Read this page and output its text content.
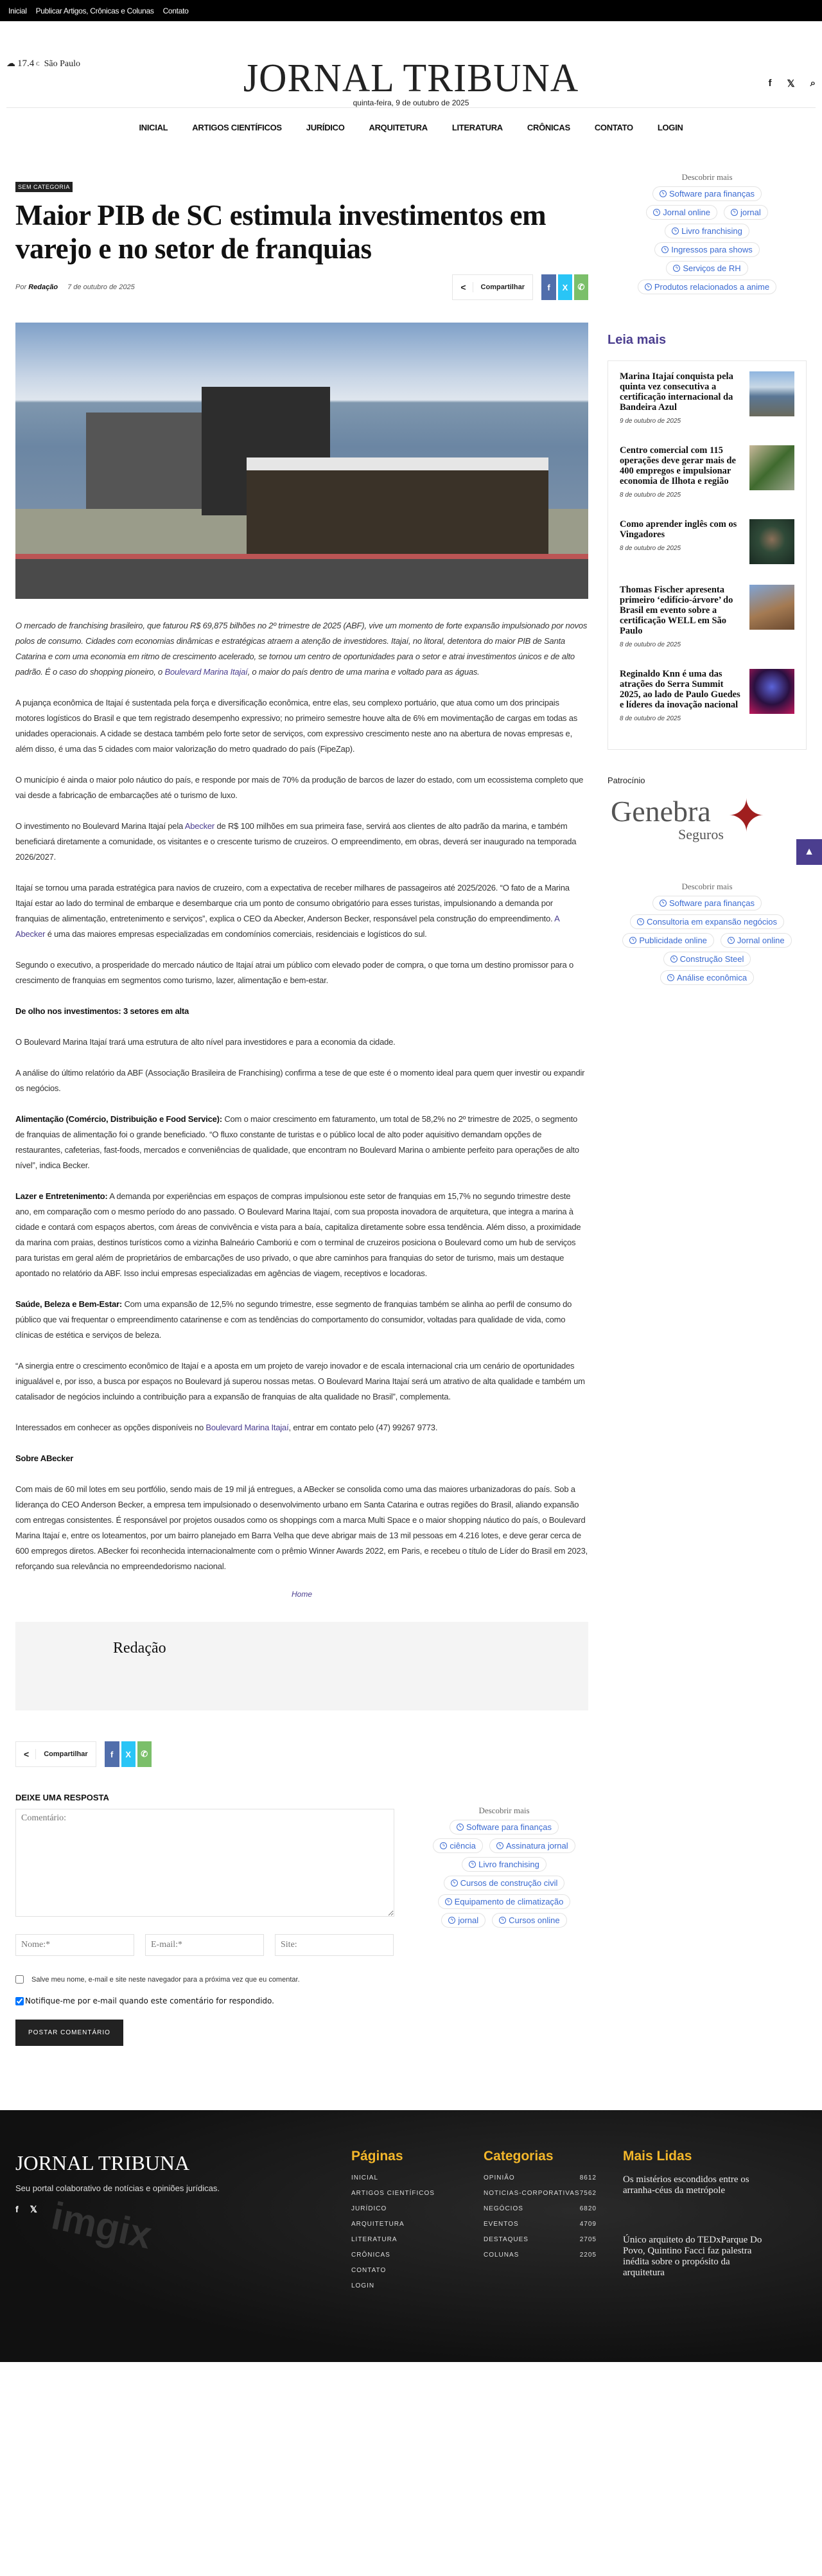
Inicial Publicar Artigos, Crônicas e Colunas Contato
☁ 17.4 C São Paulo	JORNAL TRIBUNA
quinta-feira, 9 de outubro de 2025
f 𝕏 ⌕
INICIAL	ARTIGOS CIENTÍFICOS	JURÍDICO	ARQUITETURA	LITERATURA	CRÔNICAS	CONTATO	LOGIN
SEM CATEGORIA
Maior PIB de SC estimula investimentos em varejo e no setor de franquias
Por Redação 7 de outubro de 2025	<	Compartilhar	f X ✆

O mercado de franchising brasileiro, que faturou R$ 69,875 bilhões no 2º trimestre de 2025 (ABF), vive um momento de forte expansão impulsionado por novos polos de consumo. Cidades com economias dinâmicas e estratégicas atraem a atenção de investidores. Itajaí, no litoral, detentora do maior PIB de Santa Catarina e com uma economia em ritmo de crescimento acelerado, se tornou um centro de oportunidades para o setor e atrai investimentos únicos e de alto padrão. É o caso do shopping pioneiro, o Boulevard Marina Itajaí, o maior do país dentro de uma marina e voltado para as águas.

A pujança econômica de Itajaí é sustentada pela força e diversificação econômica, entre elas, seu complexo portuário, que atua como um dos principais motores logísticos do Brasil e que tem registrado desempenho expressivo; no primeiro semestre houve alta de 6% em movimentação de cargas em todas as unidades operacionais. A cidade se destaca também pelo forte setor de serviços, com expressivo crescimento neste ano na abertura de novas empresas e, além disso, é uma das 5 cidades com maior valorização do metro quadrado do país (FipeZap).

O município é ainda o maior polo náutico do país, e responde por mais de 70% da produção de barcos de lazer do estado, com um ecossistema completo que vai desde a fabricação de embarcações até o turismo de luxo.

O investimento no Boulevard Marina Itajaí pela Abecker de R$ 100 milhões em sua primeira fase, servirá aos clientes de alto padrão da marina, e também beneficiará diretamente a comunidade, os visitantes e o crescente turismo de cruzeiros. O empreendimento, em obras, deverá ser inaugurado na temporada 2026/2027.

Itajaí se tornou uma parada estratégica para navios de cruzeiro, com a expectativa de receber milhares de passageiros até 2025/2026. “O fato de a Marina Itajaí estar ao lado do terminal de embarque e desembarque cria um ponto de consumo obrigatório para esses turistas, impulsionando a demanda por franquias de alimentação, entretenimento e serviços”, explica o CEO da Abecker, Anderson Becker, responsável pela construção do empreendimento. A Abecker é uma das maiores empresas especializadas em condomínios comerciais, residenciais e logísticos do sul.

Segundo o executivo, a prosperidade do mercado náutico de Itajaí atrai um público com elevado poder de compra, o que torna um destino promissor para o crescimento de franquias em segmentos como turismo, lazer, alimentação e bem-estar.

De olho nos investimentos: 3 setores em alta

O Boulevard Marina Itajaí trará uma estrutura de alto nível para investidores e para a economia da cidade.

A análise do último relatório da ABF (Associação Brasileira de Franchising) confirma a tese de que este é o momento ideal para quem quer investir ou expandir os negócios.

Alimentação (Comércio, Distribuição e Food Service): Com o maior crescimento em faturamento, um total de 58,2% no 2º trimestre de 2025, o segmento de franquias de alimentação foi o grande beneficiado. “O fluxo constante de turistas e o público local de alto poder aquisitivo demandam opções de restaurantes, cafeterias, fast-foods, mercados e conveniências de qualidade, que encontram no Boulevard Marina o ambiente perfeito para operações de alto nível”, indica Becker.

Lazer e Entretenimento: A demanda por experiências em espaços de compras impulsionou este setor de franquias em 15,7% no segundo trimestre deste ano, em comparação com o mesmo período do ano passado. O Boulevard Marina Itajaí, com sua proposta inovadora de arquitetura, que integra a marina à cidade e contará com espaços abertos, com áreas de convivência e vista para a baía, capitaliza diretamente sobre essa tendência. Além disso, a proximidade da marina com praias, destinos turísticos como a vizinha Balneário Camboriú e com o terminal de cruzeiros posiciona o Boulevard como um hub de serviços para turistas em geral além de proprietários de embarcações de uso privado, o que abre caminhos para franquias do setor de turismo, mais um destaque apontado no relatório da ABF. Isso inclui empresas especializadas em agências de viagem, receptivos e locadoras.

Saúde, Beleza e Bem-Estar: Com uma expansão de 12,5% no segundo trimestre, esse segmento de franquias também se alinha ao perfil de consumo do público que vai frequentar o empreendimento catarinense e com as tendências do comportamento do consumidor, voltadas para qualidade de vida, como clínicas de estética e serviços de beleza.

“A sinergia entre o crescimento econômico de Itajaí e a aposta em um projeto de varejo inovador e de escala internacional cria um cenário de oportunidades inigualável e, por isso, a busca por espaços no Boulevard já superou nossas metas. O Boulevard Marina Itajaí será um atrativo de alta qualidade e também um catalisador de negócios incluindo a contribuição para a expansão de franquias de alta qualidade no Brasil”, complementa.

Interessados em conhecer as opções disponíveis no Boulevard Marina Itajaí, entrar em contato pelo (47) 99267 9773.

Sobre ABecker

Com mais de 60 mil lotes em seu portfólio, sendo mais de 19 mil já entregues, a ABecker se consolida como uma das maiores urbanizadoras do país. Sob a liderança do CEO Anderson Becker, a empresa tem impulsionado o desenvolvimento urbano em Santa Catarina e outras regiões do Brasil, aliando expansão com entregas consistentes. É responsável por projetos ousados como os shoppings com a marca Multi Space e o maior shopping náutico do país, o Boulevard Marina Itajaí e, entre os loteamentos, por um bairro planejado em Barra Velha que deve abrigar mais de 13 mil pessoas em 4.216 lotes, e deve gerar cerca de 600 empregos diretos. ABecker foi reconhecida internacionalmente com o prêmio Winner Awards 2022, em Paris, e recebeu o título de Líder do Brasil em 2023, reforçando sua relevância no empreendedorismo nacional.

Home
Redação
<	Compartilhar	f X ✆
DEIXE UMA RESPOSTA
Comentário:
Nome:*
E-mail:*
Site:
Salve meu nome, e-mail e site neste navegador para a próxima vez que eu comentar.
Notifique-me por e-mail quando este comentário for respondido.
POSTAR COMENTÁRIO
Descobrir mais
ϟ Software para finanças
ϟ ciência	ϟ Assinatura jornal
ϟ Livro franchising
ϟ Cursos de construção civil
ϟ Equipamento de climatização
ϟ jornal	ϟ Cursos online
Descobrir mais
ϟ Software para finanças
ϟ Jornal online	ϟ jornal
ϟ Livro franchising
ϟ Ingressos para shows
ϟ Serviços de RH
ϟ Produtos relacionados a anime
Leia mais
Marina Itajaí conquista pela quinta vez consecutiva a certificação internacional da Bandeira Azul
9 de outubro de 2025
Centro comercial com 115 operações deve gerar mais de 400 empregos e impulsionar economia de Ilhota e região
8 de outubro de 2025
Como aprender inglês com os Vingadores
8 de outubro de 2025
Thomas Fischer apresenta primeiro ‘edifício-árvore’ do Brasil em evento sobre a certificação WELL em São Paulo
8 de outubro de 2025
Reginaldo Knn é uma das atrações do Serra Summit 2025, ao lado de Paulo Guedes e líderes da inovação nacional
8 de outubro de 2025
Patrocínio
Genebra
Seguros ✦
Descobrir mais
ϟ Software para finanças
ϟ Consultoria em expansão negócios
ϟ Publicidade online	ϟ Jornal online
ϟ Construção Steel
ϟ Análise econômica
▲
imgix
JORNAL TRIBUNA
Seu portal colaborativo de notícias e opiniões jurídicas.
f 𝕏
Páginas
INICIAL
ARTIGOS CIENTÍFICOS
JURÍDICO
ARQUITETURA
LITERATURA
CRÔNICAS
CONTATO
LOGIN
Categorias
OPINIÃO	8612
NOTICIAS-CORPORATIVAS 7562
NEGÓCIOS	6820
EVENTOS	4709
DESTAQUES	2705
COLUNAS	2205
Mais Lidas
Os mistérios escondidos entre os arranha-céus da metrópole
Único arquiteto do TEDxParque Do Povo, Quintino Facci faz palestra inédita sobre o propósito da arquitetura
